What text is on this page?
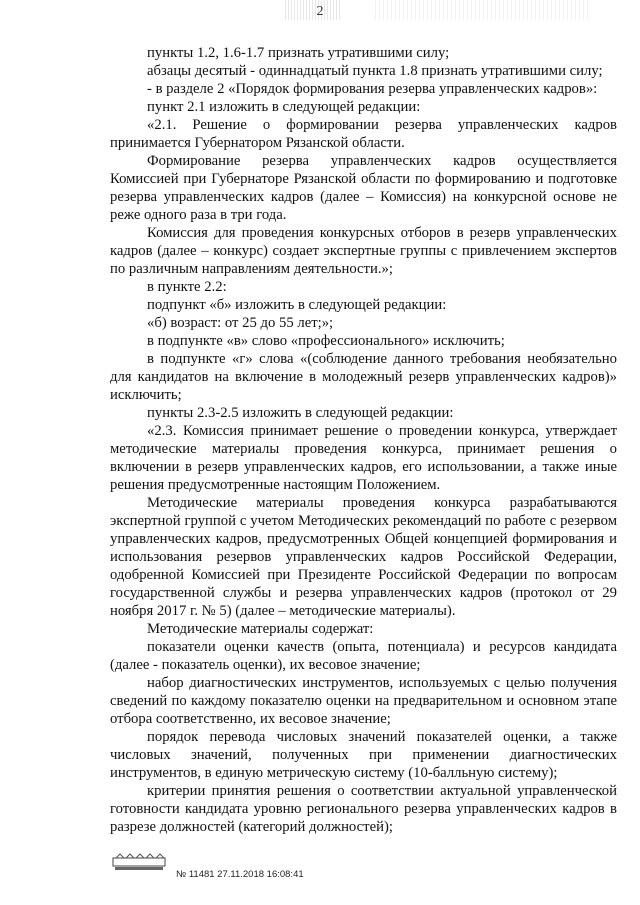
2

пункты 1.2, 1.6-1.7 признать утратившими силу;

абзацы десятый - одиннадцатый пункта 1.8 признать утратившими силу;

- в разделе 2 «Порядок формирования резерва управленческих кадров»:

пункт 2.1 изложить в следующей редакции:

«2.1. Решение о формировании резерва управленческих кадров принимается Губернатором Рязанской области.

Формирование резерва управленческих кадров осуществляется Комиссией при Губернаторе Рязанской области по формированию и подготовке резерва управленческих кадров (далее – Комиссия) на конкурсной основе не реже одного раза в три года.

Комиссия для проведения конкурсных отборов в резерв управленческих кадров (далее – конкурс) создает экспертные группы с привлечением экспертов по различным направлениям деятельности.»;

в пункте 2.2:

подпункт «б» изложить в следующей редакции:

«б) возраст: от 25 до 55 лет;»;

в подпункте «в» слово «профессионального» исключить;

в подпункте «г» слова «(соблюдение данного требования необязательно для кандидатов на включение в молодежный резерв управленческих кадров)» исключить;

пункты 2.3-2.5 изложить в следующей редакции:

«2.3. Комиссия принимает решение о проведении конкурса, утверждает методические материалы проведения конкурса, принимает решения о включении в резерв управленческих кадров, его использовании, а также иные решения предусмотренные настоящим Положением.

Методические материалы проведения конкурса разрабатываются экспертной группой с учетом Методических рекомендаций по работе с резервом управленческих кадров, предусмотренных Общей концепцией формирования и использования резервов управленческих кадров Российской Федерации, одобренной Комиссией при Президенте Российской Федерации по вопросам государственной службы и резерва управленческих кадров (протокол от 29 ноября 2017 г. № 5) (далее – методические материалы).

Методические материалы содержат:

показатели оценки качеств (опыта, потенциала) и ресурсов кандидата (далее - показатель оценки), их весовое значение;

набор диагностических инструментов, используемых с целью получения сведений по каждому показателю оценки на предварительном и основном этапе отбора соответственно, их весовое значение;

порядок перевода числовых значений показателей оценки, а также числовых значений, полученных при применении диагностических инструментов, в единую метрическую систему (10-балльную систему);

критерии принятия решения о соответствии актуальной управленческой готовности кандидата уровню регионального резерва управленческих кадров в разрезе должностей (категорий должностей);

№ 11481 27.11.2018 16:08:41
